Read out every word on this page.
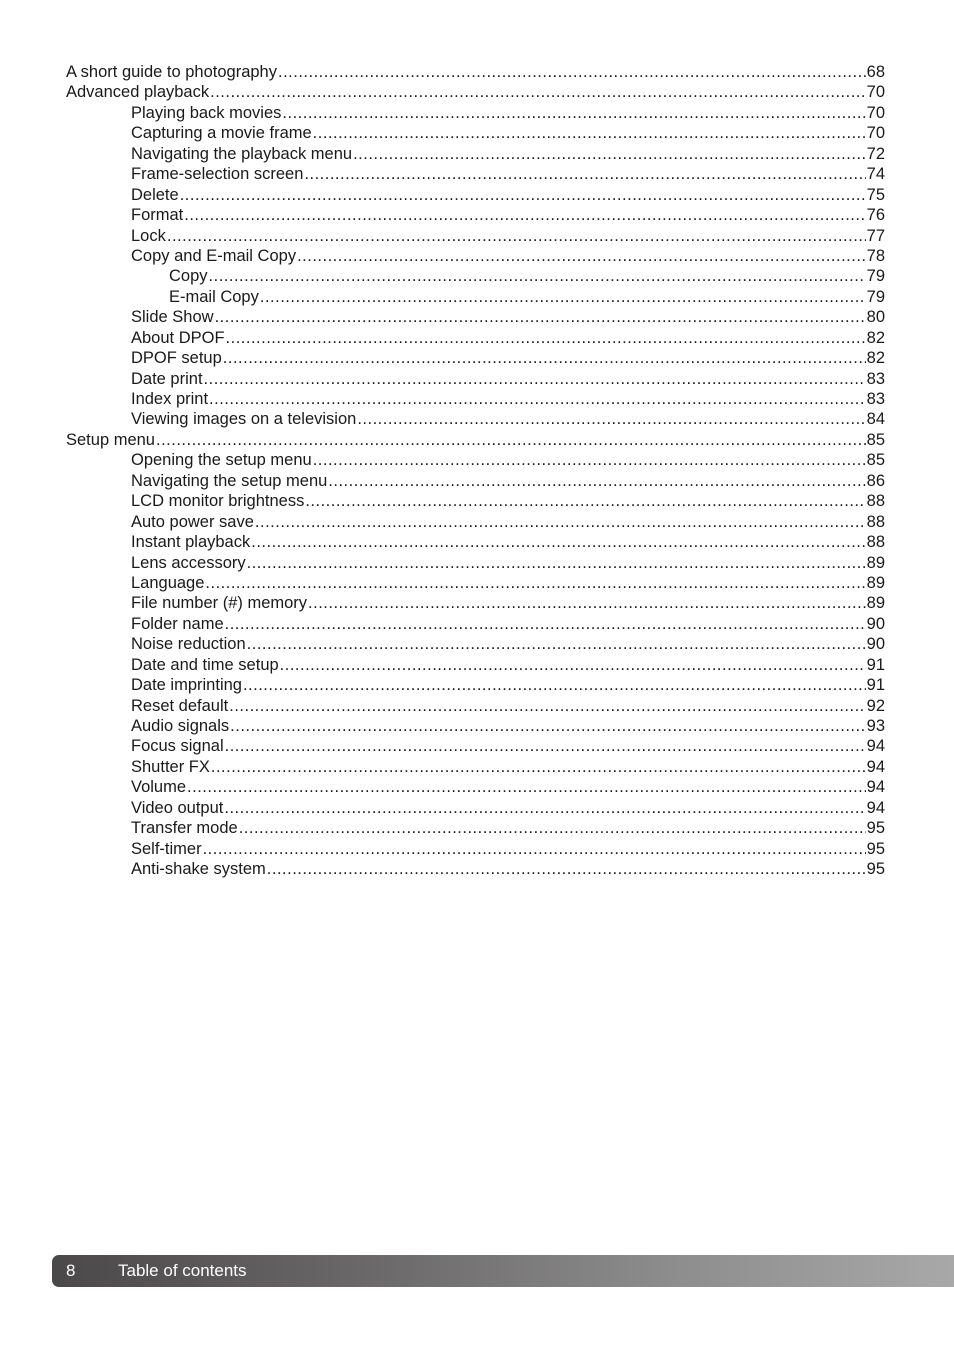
A short guide to photography .....	68
Advanced playback .....	70
Playing back movies .....	70
Capturing a movie frame .....	70
Navigating the playback menu .....	72
Frame-selection screen .....	74
Delete .....	75
Format .....	76
Lock .....	77
Copy and E-mail Copy .....	78
Copy .....	79
E-mail Copy .....	79
Slide Show .....	80
About DPOF .....	82
DPOF setup .....	82
Date print .....	83
Index print .....	83
Viewing images on a television .....	84
Setup menu .....	85
Opening the setup menu .....	85
Navigating the setup menu .....	86
LCD monitor brightness .....	88
Auto power save .....	88
Instant playback .....	88
Lens accessory .....	89
Language .....	89
File number (#) memory .....	89
Folder name .....	90
Noise reduction .....	90
Date and time setup .....	91
Date imprinting .....	91
Reset default .....	92
Audio signals .....	93
Focus signal .....	94
Shutter FX .....	94
Volume .....	94
Video output .....	94
Transfer mode .....	95
Self-timer .....	95
Anti-shake system .....	95
8	Table of contents
